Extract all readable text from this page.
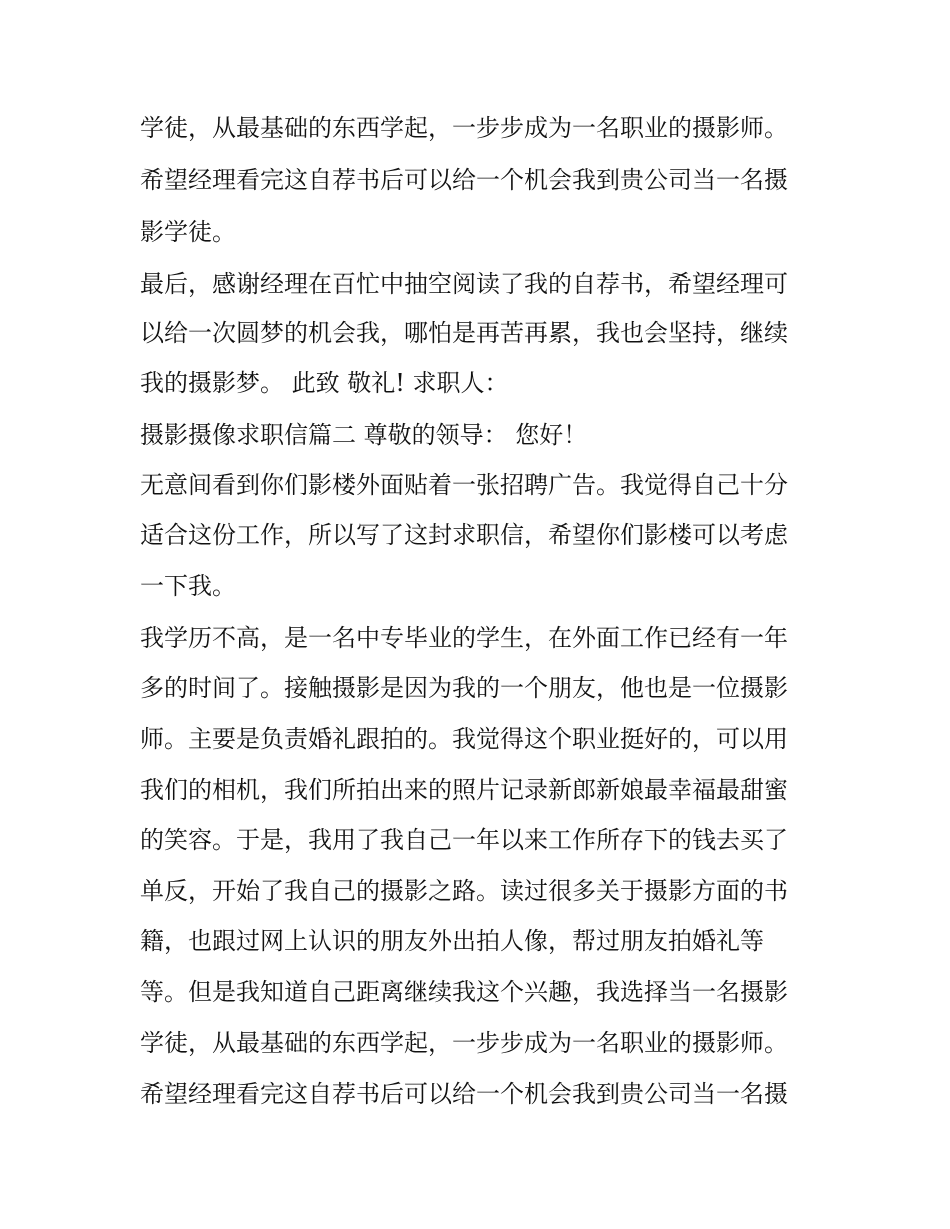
学徒，从最基础的东西学起，一步步成为一名职业的摄影师。
希望经理看完这自荐书后可以给一个机会我到贵公司当一名摄
影学徒。
最后，感谢经理在百忙中抽空阅读了我的自荐书，希望经理可
以给一次圆梦的机会我，哪怕是再苦再累，我也会坚持，继续
我的摄影梦。 此致 敬礼! 求职人：
摄影摄像求职信篇二 尊敬的领导： 您好！
无意间看到你们影楼外面贴着一张招聘广告。我觉得自己十分
适合这份工作，所以写了这封求职信，希望你们影楼可以考虑
一下我。
我学历不高，是一名中专毕业的学生，在外面工作已经有一年
多的时间了。接触摄影是因为我的一个朋友，他也是一位摄影
师。主要是负责婚礼跟拍的。我觉得这个职业挺好的，可以用
我们的相机，我们所拍出来的照片记录新郎新娘最幸福最甜蜜
的笑容。于是，我用了我自己一年以来工作所存下的钱去买了
单反，开始了我自己的摄影之路。读过很多关于摄影方面的书
籍，也跟过网上认识的朋友外出拍人像，帮过朋友拍婚礼等
等。但是我知道自己距离继续我这个兴趣，我选择当一名摄影
学徒，从最基础的东西学起，一步步成为一名职业的摄影师。
希望经理看完这自荐书后可以给一个机会我到贵公司当一名摄
